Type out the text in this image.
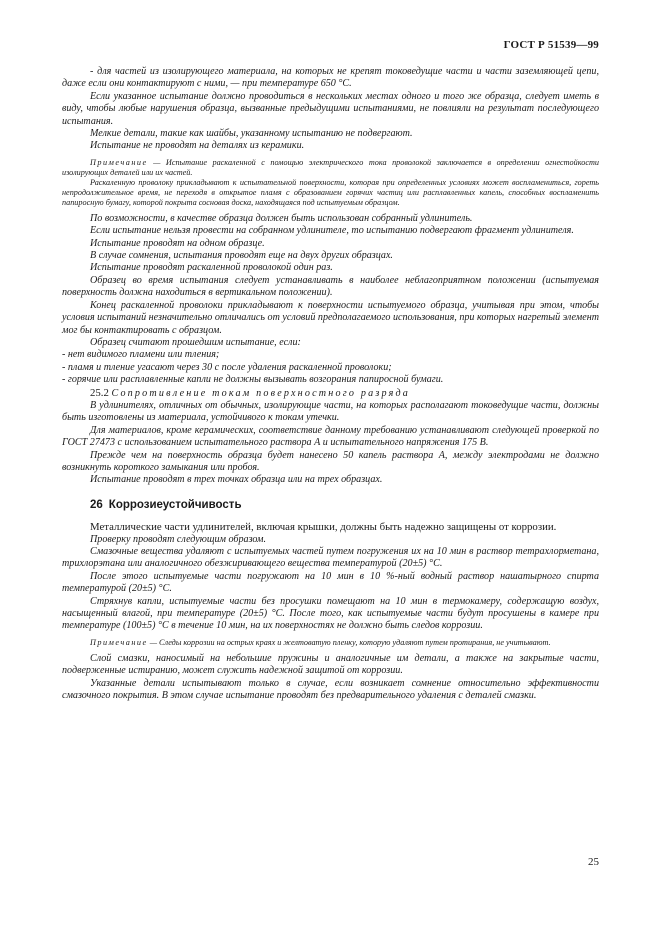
ГОСТ Р 51539—99

- для частей из изолирующего материала, на которых не крепят токоведущие части и части заземляющей цепи, даже если они контактируют с ними, — при температуре 650 °С.

Если указанное испытание должно проводиться в нескольких местах одного и того же образца, следует иметь в виду, чтобы любые нарушения образца, вызванные предыдущими испытаниями, не повлияли на результат последующего испытания.

Мелкие детали, такие как шайбы, указанному испытанию не подвергают.

Испытание не проводят на деталях из керамики.

Примечание — Испытание раскаленной с помощью электрического тока проволокой заключается в определении огнестойкости изолирующих деталей или их частей.

Раскаленную проволоку прикладывают к испытательной поверхности, которая при определенных условиях может воспламениться, гореть непродолжительное время, не переходя в открытое пламя с образованием горячих частиц или расплавленных капель, способных воспламенить папиросную бумагу, которой покрыта сосновая доска, находящаяся под испытуемым образцом.

По возможности, в качестве образца должен быть использован собранный удлинитель.

Если испытание нельзя провести на собранном удлинителе, то испытанию подвергают фрагмент удлинителя.

Испытание проводят на одном образце.

В случае сомнения, испытания проводят еще на двух других образцах.

Испытание проводят раскаленной проволокой один раз.

Образец во время испытания следует устанавливать в наиболее неблагоприятном положении (испытуемая поверхность должна находиться в вертикальном положении).

Конец раскаленной проволоки прикладывают к поверхности испытуемого образца, учитывая при этом, чтобы условия испытаний незначительно отличались от условий предполагаемого использования, при которых нагретый элемент мог бы контактировать с образцом.

Образец считают прошедшим испытание, если:

- нет видимого пламени или тления;

- пламя и тление угасают через 30 с после удаления раскаленной проволоки;

- горячие или расплавленные капли не должны вызывать возгорания папиросной бумаги.

25.2 Сопротивление токам поверхностного разряда

В удлинителях, отличных от обычных, изолирующие части, на которых располагают токоведущие части, должны быть изготовлены из материала, устойчивого к токам утечки.

Для материалов, кроме керамических, соответствие данному требованию устанавливают следующей проверкой по ГОСТ 27473 с использованием испытательного раствора А и испытательного напряжения 175 В.

Прежде чем на поверхность образца будет нанесено 50 капель раствора А, между электродами не должно возникнуть короткого замыкания или пробоя.

Испытание проводят в трех точках образца или на трех образцах.

26 Коррозиеустойчивость

Металлические части удлинителей, включая крышки, должны быть надежно защищены от коррозии.

Проверку проводят следующим образом.

Смазочные вещества удаляют с испытуемых частей путем погружения их на 10 мин в раствор тетрахлорметана, трихлорэтана или аналогичного обезжиривающего вещества температурой (20±5) °С.

После этого испытуемые части погружают на 10 мин в 10 %-ный водный раствор нашатырного спирта температурой (20±5) °С.

Стряхнув капли, испытуемые части без просушки помещают на 10 мин в термокамеру, содержащую воздух, насыщенный влагой, при температуре (20±5) °С. После того, как испытуемые части будут просушены в камере при температуре (100±5) °С в течение 10 мин, на их поверхностях не должно быть следов коррозии.

Примечание — Следы коррозии на острых краях и желтоватую пленку, которую удаляют путем протирания, не учитывают.

Слой смазки, наносимый на небольшие пружины и аналогичные им детали, а также на закрытые части, подверженные истиранию, может служить надежной защитой от коррозии.

Указанные детали испытывают только в случае, если возникает сомнение относительно эффективности смазочного покрытия. В этом случае испытание проводят без предварительного удаления с деталей смазки.

25
